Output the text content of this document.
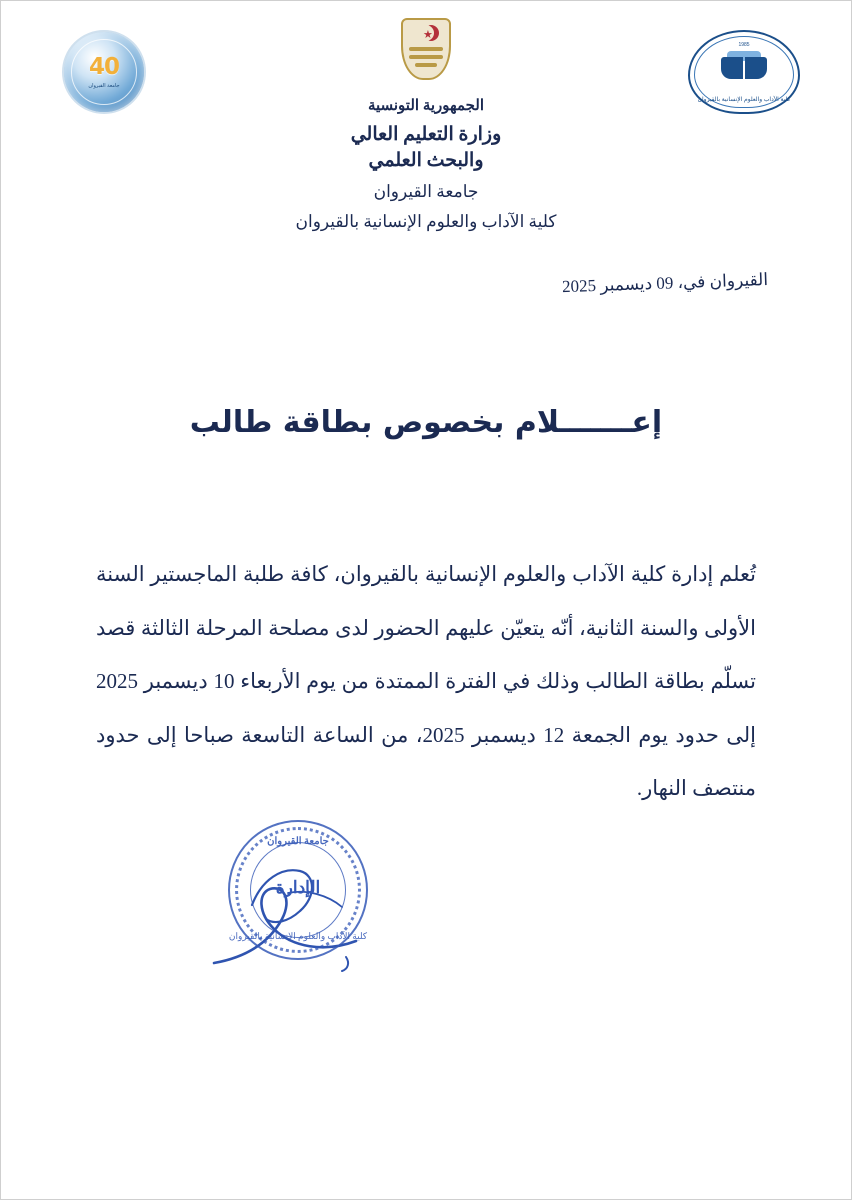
40
جامعة القيروان
★
1985
كلية الآداب والعلوم الإنسانية بالقيروان
الجمهورية التونسية
وزارة التعليم العالي
والبحث العلمي
جامعة القيروان
كلية الآداب والعلوم الإنسانية بالقيروان
القيروان في، 09 ديسمبر 2025
إعـــــــلام بخصوص بطاقة طالب
تُعلم إدارة كلية الآداب والعلوم الإنسانية بالقيروان، كافة طلبة الماجستير السنة الأولى والسنة الثانية، أنّه يتعيّن عليهم الحضور لدى مصلحة المرحلة الثالثة قصد تسلّم بطاقة الطالب وذلك في الفترة الممتدة من يوم الأربعاء 10 ديسمبر 2025 إلى حدود يوم الجمعة 12 ديسمبر 2025، من الساعة التاسعة صباحا إلى حدود منتصف النهار.
جامعة القيروان
الإدارة
كلية الآداب والعلوم الإنسانية بالقيروان
